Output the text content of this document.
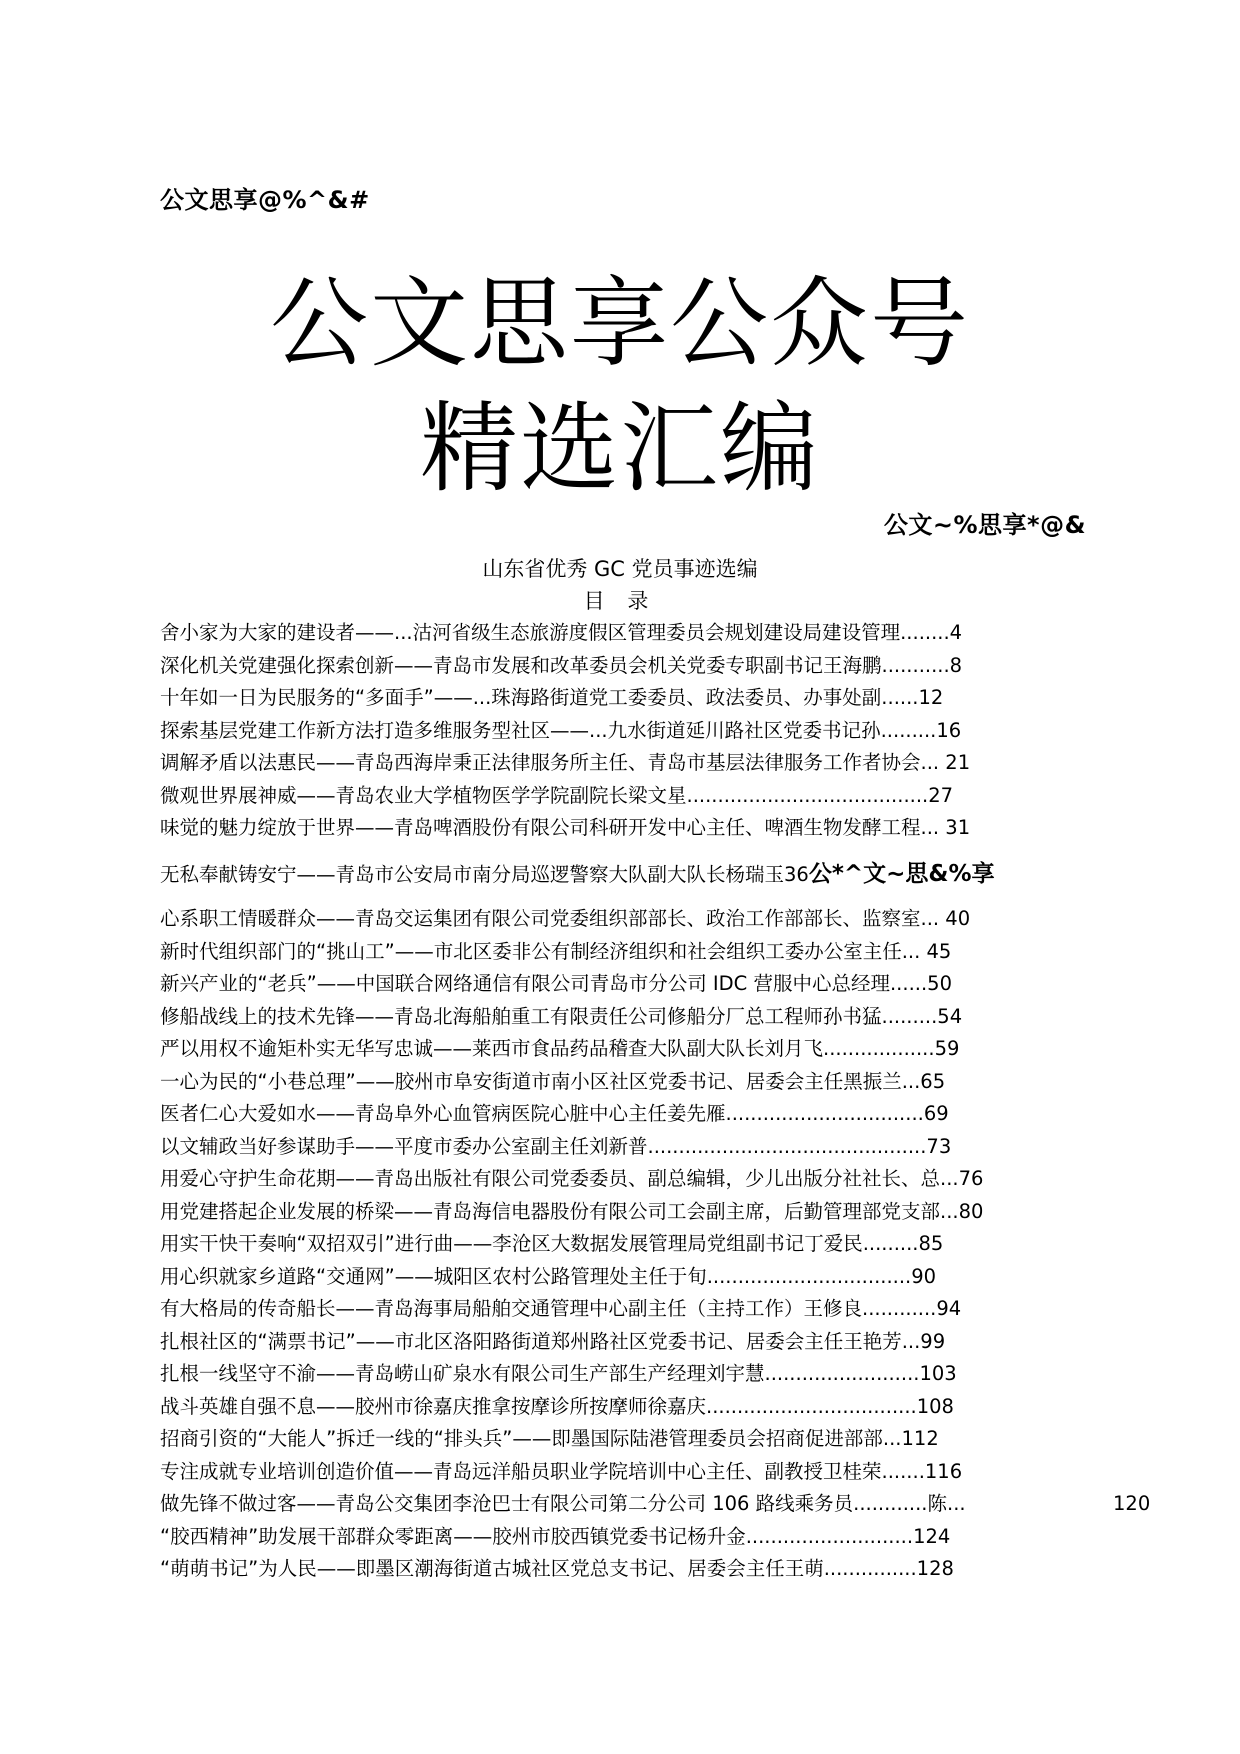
公文思享@%^&#
公文思享公众号
精选汇编
公文~%思享*@&
山东省优秀 GC 党员事迹选编
目 录
舍小家为大家的建设者——...沽河省级生态旅游度假区管理委员会规划建设局建设管理........4
深化机关党建强化探索创新——青岛市发展和改革委员会机关党委专职副书记王海鹏...........8
十年如一日为民服务的“多面手”——...珠海路街道党工委委员、政法委员、办事处副......12
探索基层党建工作新方法打造多维服务型社区——...九水街道延川路社区党委书记孙.........16
调解矛盾以法惠民——青岛西海岸秉正法律服务所主任、青岛市基层法律服务工作者协会... 21
微观世界展神威——青岛农业大学植物医学学院副院长梁文星.......................................27
味觉的魅力绽放于世界——青岛啤酒股份有限公司科研开发中心主任、啤酒生物发酵工程... 31
无私奉献铸安宁——青岛市公安局市南分局巡逻警察大队副大队长杨瑞玉36公*^文~思&%享
心系职工情暖群众——青岛交运集团有限公司党委组织部部长、政治工作部部长、监察室... 40
新时代组织部门的“挑山工”——市北区委非公有制经济组织和社会组织工委办公室主任... 45
新兴产业的“老兵”——中国联合网络通信有限公司青岛市分公司 IDC 营服中心总经理......50
修船战线上的技术先锋——青岛北海船舶重工有限责任公司修船分厂总工程师孙书猛.........54
严以用权不逾矩朴实无华写忠诚——莱西市食品药品稽查大队副大队长刘月飞..................59
一心为民的“小巷总理”——胶州市阜安街道市南小区社区党委书记、居委会主任黑振兰...65
医者仁心大爱如水——青岛阜外心血管病医院心脏中心主任姜先雁................................69
以文辅政当好参谋助手——平度市委办公室副主任刘新普.............................................73
用爱心守护生命花期——青岛出版社有限公司党委委员、副总编辑，少儿出版分社社长、总...76
用党建搭起企业发展的桥梁——青岛海信电器股份有限公司工会副主席，后勤管理部党支部...80
用实干快干奏响“双招双引”进行曲——李沧区大数据发展管理局党组副书记丁爱民.........85
用心织就家乡道路“交通网”——城阳区农村公路管理处主任于旬.................................90
有大格局的传奇船长——青岛海事局船舶交通管理中心副主任（主持工作）王修良............94
扎根社区的“满票书记”——市北区洛阳路街道郑州路社区党委书记、居委会主任王艳芳...99
扎根一线坚守不渝——青岛崂山矿泉水有限公司生产部生产经理刘宇慧.........................103
战斗英雄自强不息——胶州市徐嘉庆推拿按摩诊所按摩师徐嘉庆..................................108
招商引资的“大能人”拆迁一线的“排头兵”——即墨国际陆港管理委员会招商促进部部...112
专注成就专业培训创造价值——青岛远洋船员职业学院培训中心主任、副教授卫桂荣.......116
做先锋不做过客——青岛公交集团李沧巴士有限公司第二分公司 106 路线乘务员............陈...	120
“胶西精神”助发展干部群众零距离——胶州市胶西镇党委书记杨升金...........................124
“萌萌书记”为人民——即墨区潮海街道古城社区党总支书记、居委会主任王萌...............128
